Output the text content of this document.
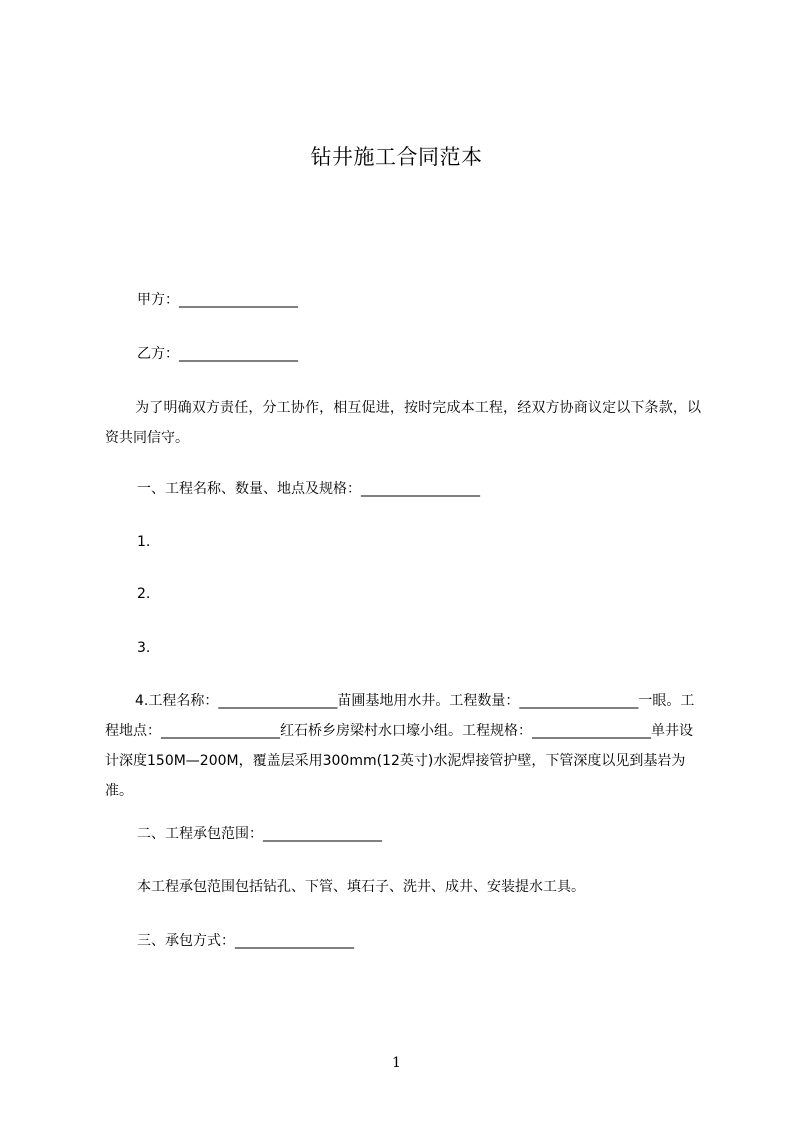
钻井施工合同范本
甲方：_________________
乙方：_________________
为了明确双方责任，分工协作，相互促进，按时完成本工程，经双方协商议定以下条款，以资共同信守。
一、工程名称、数量、地点及规格：_________________
1.
2.
3.
4.工程名称：_________________苗圃基地用水井。工程数量：_________________一眼。工程地点：_________________红石桥乡房梁村水口壕小组。工程规格：_________________单井设计深度150M—200M，覆盖层采用300mm(12英寸)水泥焊接管护壁，下管深度以见到基岩为准。
二、工程承包范围：_________________
本工程承包范围包括钻孔、下管、填石子、洗井、成井、安装提水工具。
三、承包方式：_________________
1
